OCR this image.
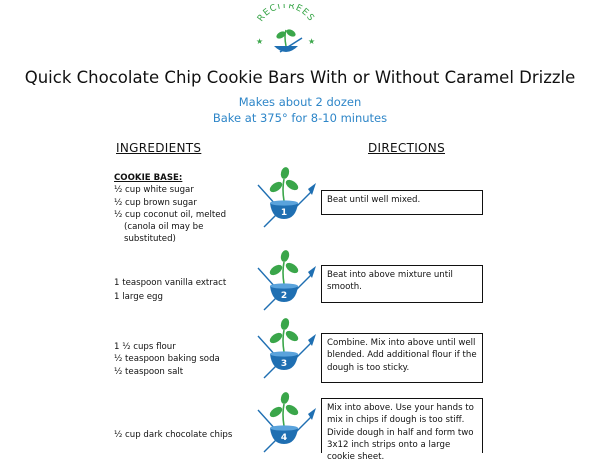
RECITREES
★	★
Quick Chocolate Chip Cookie Bars With or Without Caramel Drizzle
Makes about 2 dozen
Bake at 375° for 8-10 minutes
INGREDIENTS	DIRECTIONS
COOKIE BASE:
½ cup white sugar
½ cup brown sugar
½ cup coconut oil, melted
(canola oil may be
substituted)
1 teaspoon vanilla extract
1 large egg
1 ½ cups flour
½ teaspoon baking soda
½ teaspoon salt
½ cup dark chocolate chips
1
2
3
4
Beat until well mixed.
Beat into above mixture until smooth.
Combine. Mix into above until well blended. Add additional flour if the dough is too sticky.
Mix into above. Use your hands to mix in chips if dough is too stiff. Divide dough in half and form two 3x12 inch strips onto a large cookie sheet.
